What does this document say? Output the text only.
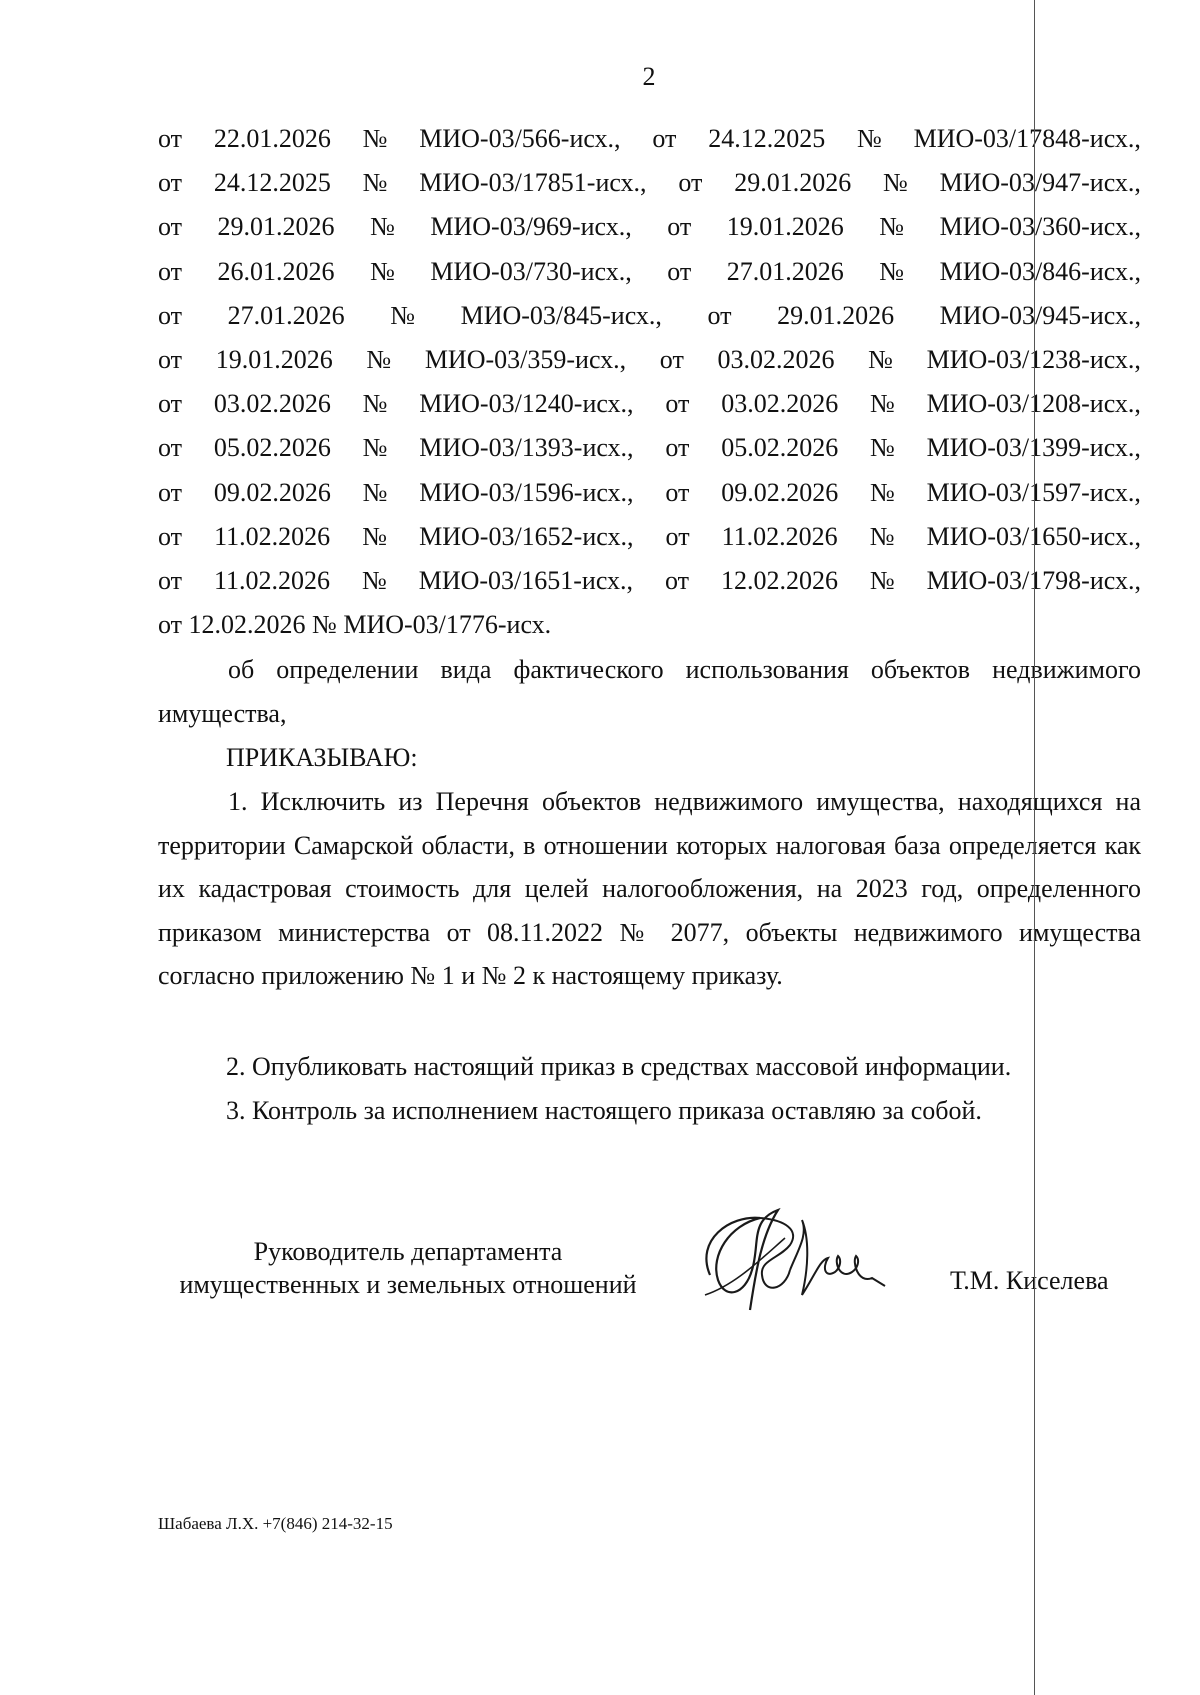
2
от 22.01.2026 № МИО-03/566-исх., от 24.12.2025 № МИО-03/17848-исх.,
от 24.12.2025 № МИО-03/17851-исх., от 29.01.2026 № МИО-03/947-исх.,
от 29.01.2026 № МИО-03/969-исх., от 19.01.2026 № МИО-03/360-исх.,
от 26.01.2026 № МИО-03/730-исх., от 27.01.2026 № МИО-03/846-исх.,
от 27.01.2026 № МИО-03/845-исх., от 29.01.2026 МИО-03/945-исх.,
от 19.01.2026 № МИО-03/359-исх., от 03.02.2026 № МИО-03/1238-исх.,
от 03.02.2026 № МИО-03/1240-исх., от 03.02.2026 № МИО-03/1208-исх.,
от 05.02.2026 № МИО-03/1393-исх., от 05.02.2026 № МИО-03/1399-исх.,
от 09.02.2026 № МИО-03/1596-исх., от 09.02.2026 № МИО-03/1597-исх.,
от 11.02.2026 № МИО-03/1652-исх., от 11.02.2026 № МИО-03/1650-исх.,
от 11.02.2026 № МИО-03/1651-исх., от 12.02.2026 № МИО-03/1798-исх.,
от 12.02.2026 № МИО-03/1776-исх.
об определении вида фактического использования объектов недвижимого имущества,
ПРИКАЗЫВАЮ:
1. Исключить из Перечня объектов недвижимого имущества, находящихся на территории Самарской области, в отношении которых налоговая база определяется как их кадастровая стоимость для целей налогообложения, на 2023 год, определенного приказом министерства от 08.11.2022 № 2077, объекты недвижимого имущества согласно приложению № 1 и № 2 к настоящему приказу.
2. Опубликовать настоящий приказ в средствах массовой информации.
3. Контроль за исполнением настоящего приказа оставляю за собой.
Руководитель департамента
имущественных и земельных отношений	Т.М. Киселева
Шабаева Л.Х. +7(846) 214-32-15
